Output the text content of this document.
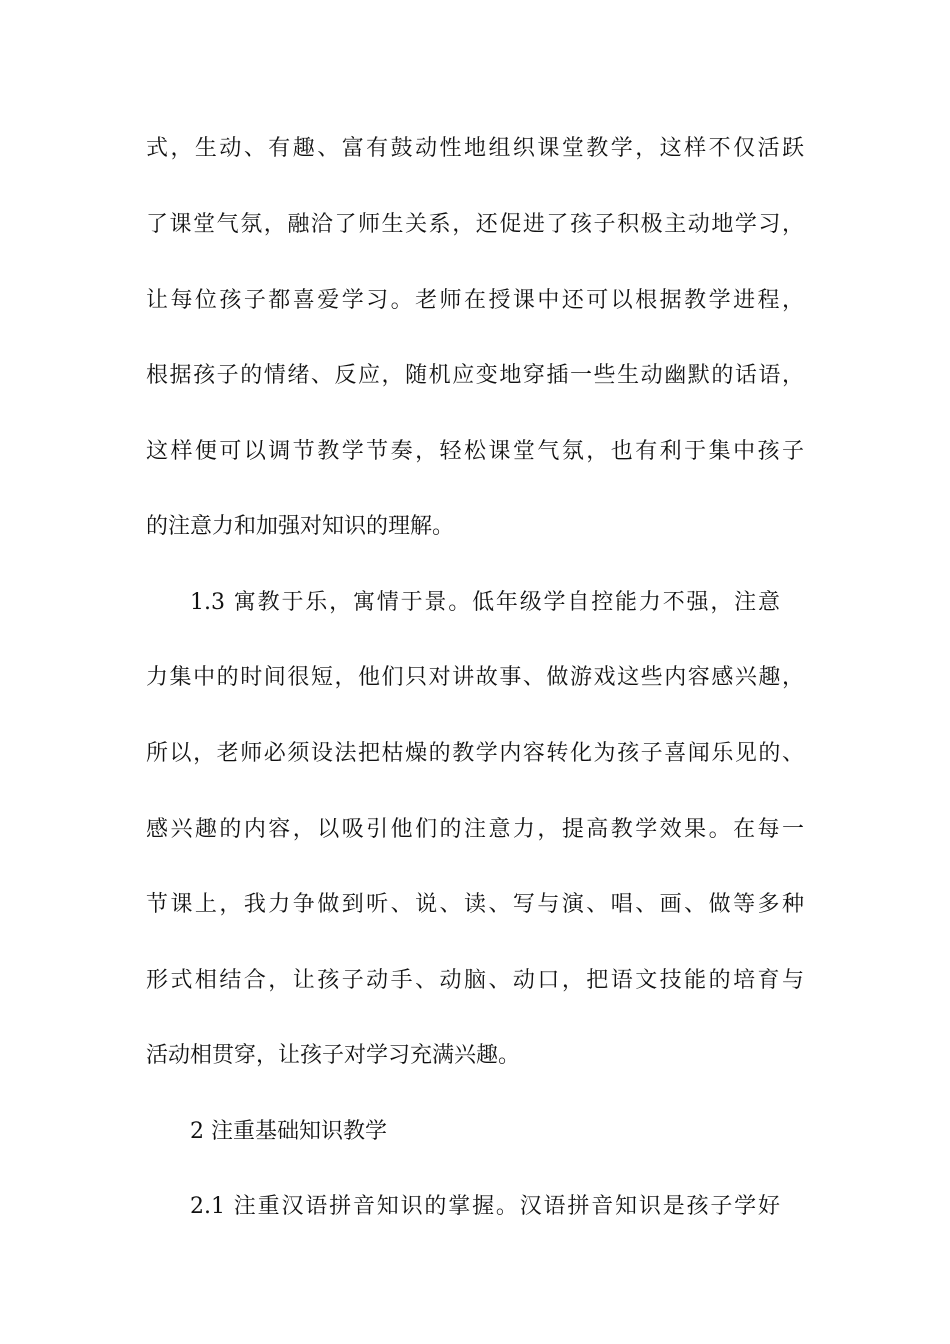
式，生动、有趣、富有鼓动性地组织课堂教学，这样不仅活跃
了课堂气氛，融洽了师生关系，还促进了孩子积极主动地学习，
让每位孩子都喜爱学习。老师在授课中还可以根据教学进程，
根据孩子的情绪、反应，随机应变地穿插一些生动幽默的话语，
这样便可以调节教学节奏，轻松课堂气氛，也有利于集中孩子
的注意力和加强对知识的理解。
1.3 寓教于乐，寓情于景。低年级学自控能力不强，注意
力集中的时间很短，他们只对讲故事、做游戏这些内容感兴趣，
所以，老师必须设法把枯燥的教学内容转化为孩子喜闻乐见的、
感兴趣的内容，以吸引他们的注意力，提高教学效果。在每一
节课上，我力争做到听、说、读、写与演、唱、画、做等多种
形式相结合，让孩子动手、动脑、动口，把语文技能的培育与
活动相贯穿，让孩子对学习充满兴趣。
2 注重基础知识教学
2.1 注重汉语拼音知识的掌握。汉语拼音知识是孩子学好
